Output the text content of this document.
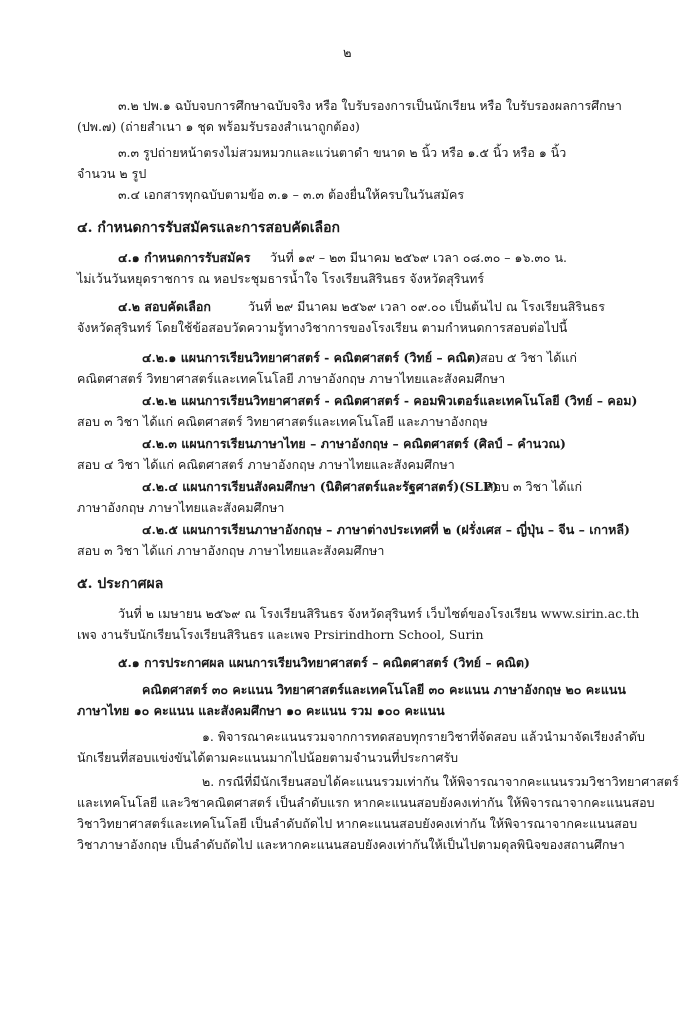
๒
๓.๒ ปพ.๑ ฉบับจบการศึกษาฉบับจริง หรือ ใบรับรองการเป็นนักเรียน หรือ ใบรับรองผลการศึกษา
(ปพ.๗) (ถ่ายสำเนา ๑ ชุด พร้อมรับรองสำเนาถูกต้อง)
๓.๓ รูปถ่ายหน้าตรงไม่สวมหมวกและแว่นตาดำ ขนาด ๒ นิ้ว หรือ ๑.๕ นิ้ว หรือ ๑ นิ้ว
จำนวน ๒ รูป
๓.๔ เอกสารทุกฉบับตามข้อ ๓.๑ – ๓.๓ ต้องยื่นให้ครบในวันสมัคร
๔. กำหนดการรับสมัครและการสอบคัดเลือก
๔.๑ กำหนดการรับสมัคร วันที่ ๑๙ – ๒๓ มีนาคม ๒๕๖๙ เวลา ๐๘.๓๐ – ๑๖.๓๐ น.
ไม่เว้นวันหยุดราชการ ณ หอประชุมธารน้ำใจ โรงเรียนสิรินธร จังหวัดสุรินทร์
๔.๒ สอบคัดเลือก	วันที่ ๒๙ มีนาคม ๒๕๖๙ เวลา ๐๙.๐๐ เป็นต้นไป ณ โรงเรียนสิรินธร
จังหวัดสุรินทร์ โดยใช้ข้อสอบวัดความรู้ทางวิชาการของโรงเรียน ตามกำหนดการสอบต่อไปนี้
๔.๒.๑ แผนการเรียนวิทยาศาสตร์ - คณิตศาสตร์ (วิทย์ – คณิต) สอบ ๕ วิชา ได้แก่
คณิตศาสตร์ วิทยาศาสตร์และเทคโนโลยี ภาษาอังกฤษ ภาษาไทยและสังคมศึกษา
๔.๒.๒ แผนการเรียนวิทยาศาสตร์ - คณิตศาสตร์ - คอมพิวเตอร์และเทคโนโลยี (วิทย์ – คอม)
สอบ ๓ วิชา ได้แก่ คณิตศาสตร์ วิทยาศาสตร์และเทคโนโลยี และภาษาอังกฤษ
๔.๒.๓ แผนการเรียนภาษาไทย – ภาษาอังกฤษ – คณิตศาสตร์ (ศิลป์ – คำนวณ)
สอบ ๔ วิชา ได้แก่ คณิตศาสตร์ ภาษาอังกฤษ ภาษาไทยและสังคมศึกษา
๔.๒.๔ แผนการเรียนสังคมศึกษา (นิติศาสตร์และรัฐศาสตร์)(SLP)
สอบ ๓ วิชา ได้แก่
ภาษาอังกฤษ ภาษาไทยและสังคมศึกษา
๔.๒.๕ แผนการเรียนภาษาอังกฤษ – ภาษาต่างประเทศที่ ๒ (ฝรั่งเศส – ญี่ปุ่น – จีน – เกาหลี)
สอบ ๓ วิชา ได้แก่ ภาษาอังกฤษ ภาษาไทยและสังคมศึกษา
๕. ประกาศผล
วันที่ ๒ เมษายน ๒๕๖๙ ณ โรงเรียนสิรินธร จังหวัดสุรินทร์ เว็บไซต์ของโรงเรียน www.sirin.ac.th
เพจ งานรับนักเรียนโรงเรียนสิรินธร และเพจ Prsirindhorn School, Surin
๕.๑ การประกาศผล แผนการเรียนวิทยาศาสตร์ – คณิตศาสตร์ (วิทย์ – คณิต)
คณิตศาสตร์ ๓๐ คะแนน วิทยาศาสตร์และเทคโนโลยี ๓๐ คะแนน ภาษาอังกฤษ ๒๐ คะแนน
ภาษาไทย ๑๐ คะแนน และสังคมศึกษา ๑๐ คะแนน รวม ๑๐๐ คะแนน
๑. พิจารณาคะแนนรวมจากการทดสอบทุกรายวิชาที่จัดสอบ แล้วนำมาจัดเรียงลำดับ
นักเรียนที่สอบแข่งขันได้ตามคะแนนมากไปน้อยตามจำนวนที่ประกาศรับ
๒. กรณีที่มีนักเรียนสอบได้คะแนนรวมเท่ากัน ให้พิจารณาจากคะแนนรวมวิชาวิทยาศาสตร์
และเทคโนโลยี และวิชาคณิตศาสตร์ เป็นลำดับแรก หากคะแนนสอบยังคงเท่ากัน ให้พิจารณาจากคะแนนสอบ
วิชาวิทยาศาสตร์และเทคโนโลยี เป็นลำดับถัดไป หากคะแนนสอบยังคงเท่ากัน ให้พิจารณาจากคะแนนสอบ
วิชาภาษาอังกฤษ เป็นลำดับถัดไป และหากคะแนนสอบยังคงเท่ากันให้เป็นไปตามดุลพินิจของสถานศึกษา
